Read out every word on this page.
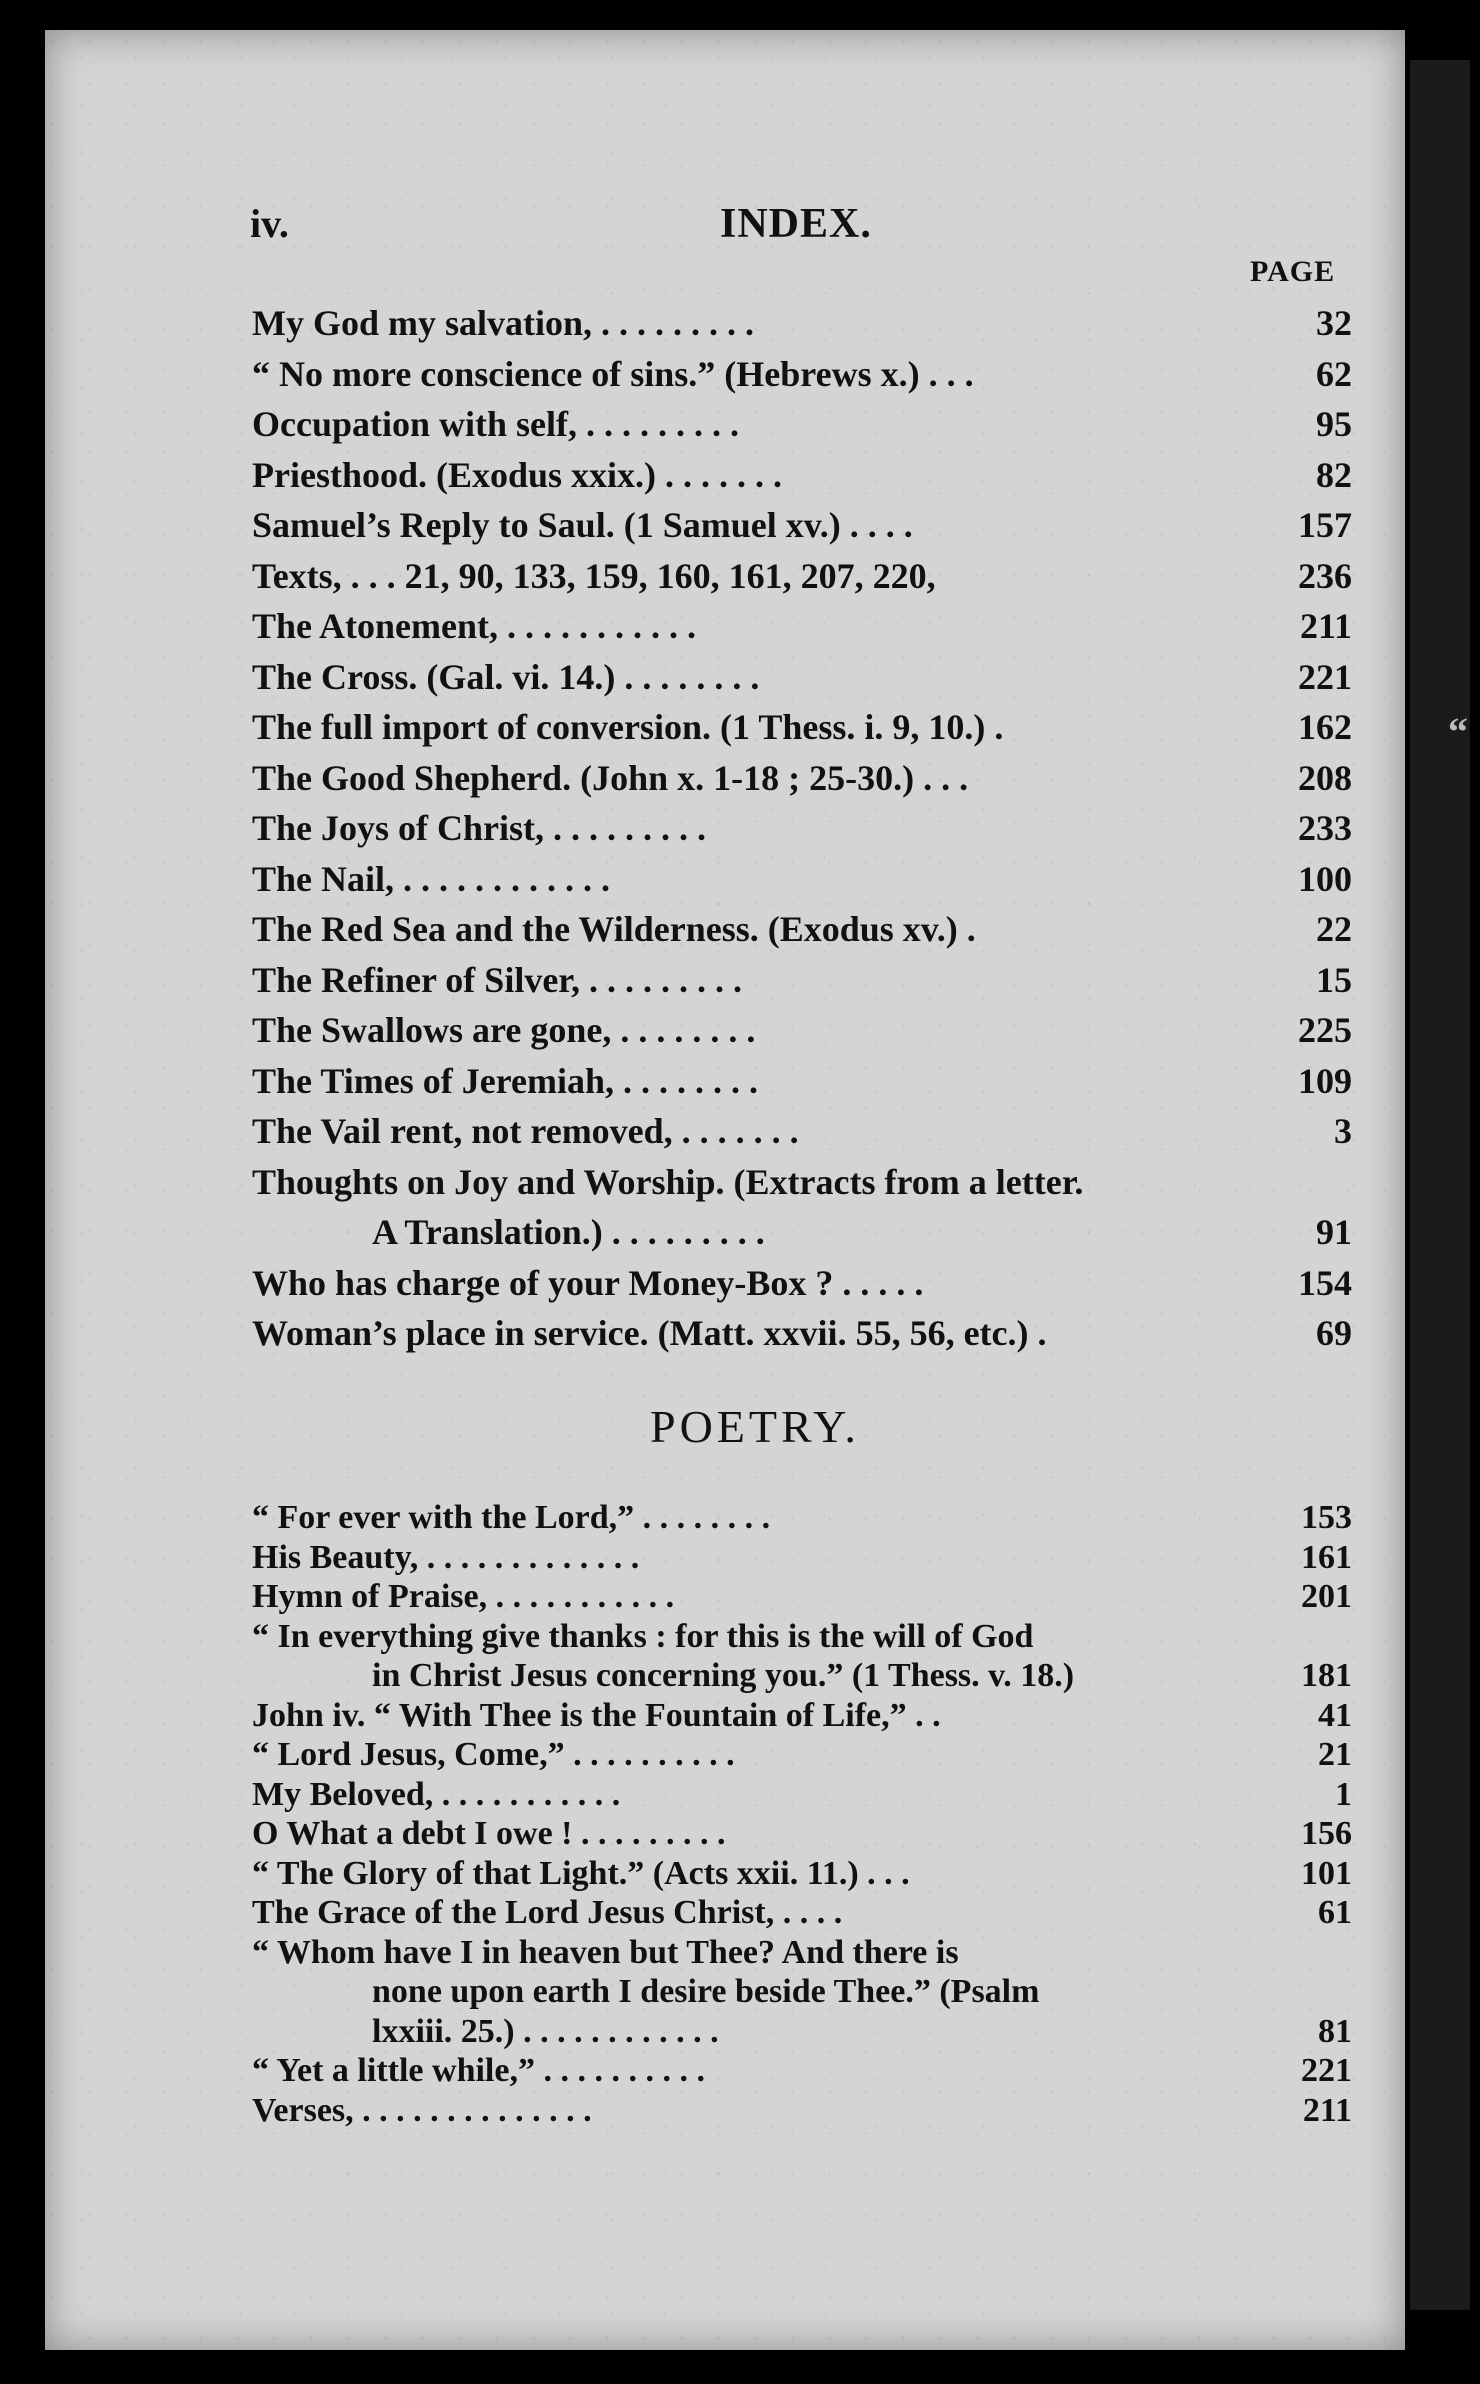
“
iv.	INDEX.
PAGE
My God my salvation, . . . . . . . . .	32
“ No more conscience of sins.” (Hebrews x.) . . .	62
Occupation with self, . . . . . . . . .	95
Priesthood. (Exodus xxix.) . . . . . . .	82
Samuel’s Reply to Saul. (1 Samuel xv.) . . . .	157
Texts, . . . 21, 90, 133, 159, 160, 161, 207, 220,	236
The Atonement, . . . . . . . . . . .	211
The Cross. (Gal. vi. 14.) . . . . . . . .	221
The full import of conversion. (1 Thess. i. 9, 10.) .	162
The Good Shepherd. (John x. 1-18 ; 25-30.) . . .	208
The Joys of Christ, . . . . . . . . .	233
The Nail, . . . . . . . . . . . .	100
The Red Sea and the Wilderness. (Exodus xv.) .	22
The Refiner of Silver, . . . . . . . . .	15
The Swallows are gone, . . . . . . . .	225
The Times of Jeremiah, . . . . . . . .	109
The Vail rent, not removed, . . . . . . .	3
Thoughts on Joy and Worship. (Extracts from a letter.
A Translation.) . . . . . . . . .	91
Who has charge of your Money-Box ? . . . . .	154
Woman’s place in service. (Matt. xxvii. 55, 56, etc.) .	69
POETRY.
“ For ever with the Lord,” . . . . . . . .	153
His Beauty, . . . . . . . . . . . . .	161
Hymn of Praise, . . . . . . . . . . .	201
“ In everything give thanks : for this is the will of God
in Christ Jesus concerning you.” (1 Thess. v. 18.)	181
John iv. “ With Thee is the Fountain of Life,” . .	41
“ Lord Jesus, Come,” . . . . . . . . . .	21
My Beloved, . . . . . . . . . . .	1
O What a debt I owe ! . . . . . . . . .	156
“ The Glory of that Light.” (Acts xxii. 11.) . . .	101
The Grace of the Lord Jesus Christ, . . . .	61
“ Whom have I in heaven but Thee? And there is
none upon earth I desire beside Thee.” (Psalm
lxxiii. 25.) . . . . . . . . . . . .	81
“ Yet a little while,” . . . . . . . . . .	221
Verses, . . . . . . . . . . . . . .	211
